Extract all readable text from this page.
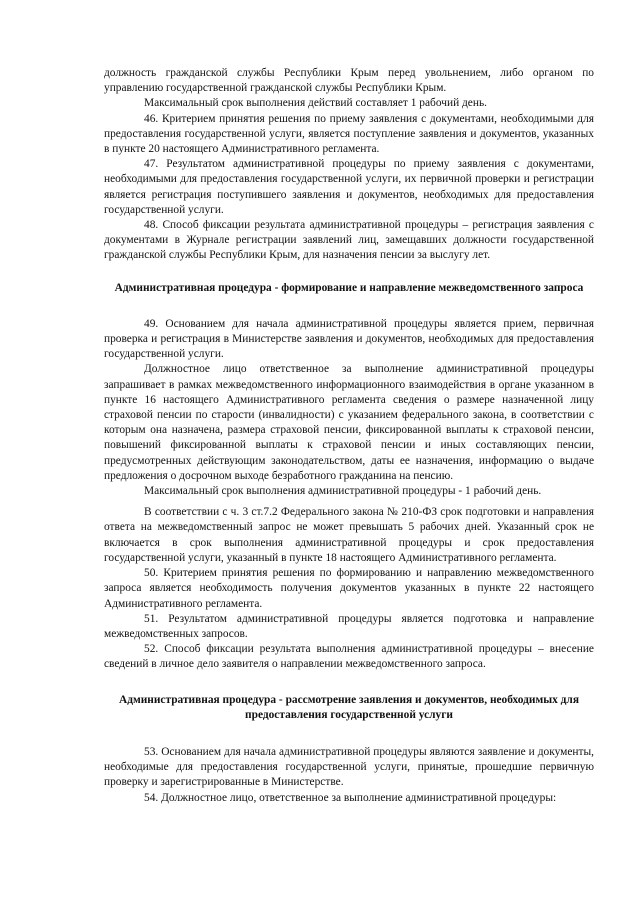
должность гражданской службы Республики Крым перед увольнением, либо органом по управлению государственной гражданской службы Республики Крым.

Максимальный срок выполнения действий составляет 1 рабочий день.

46. Критерием принятия решения по приему заявления с документами, необходимыми для предоставления государственной услуги, является поступление заявления и документов, указанных в пункте 20 настоящего Административного регламента.

47. Результатом административной процедуры по приему заявления с документами, необходимыми для предоставления государственной услуги, их первичной проверки и регистрации является регистрация поступившего заявления и документов, необходимых для предоставления государственной услуги.

48. Способ фиксации результата административной процедуры – регистрация заявления с документами в Журнале регистрации заявлений лиц, замещавших должности государственной гражданской службы Республики Крым, для назначения пенсии за выслугу лет.

Административная процедура - формирование и направление межведомственного запроса

49. Основанием для начала административной процедуры является прием, первичная проверка и регистрация в Министерстве заявления и документов, необходимых для предоставления государственной услуги.

Должностное лицо ответственное за выполнение административной процедуры запрашивает в рамках межведомственного информационного взаимодействия в органе указанном в пункте 16 настоящего Административного регламента сведения о размере назначенной лицу страховой пенсии по старости (инвалидности) с указанием федерального закона, в соответствии с которым она назначена, размера страховой пенсии, фиксированной выплаты к страховой пенсии, повышений фиксированной выплаты к страховой пенсии и иных составляющих пенсии, предусмотренных действующим законодательством, даты ее назначения, информацию о выдаче предложения о досрочном выходе безработного гражданина на пенсию.

Максимальный срок выполнения административной процедуры - 1 рабочий день.

В соответствии с ч. 3 ст.7.2 Федерального закона № 210-ФЗ срок подготовки и направления ответа на межведомственный запрос не может превышать 5 рабочих дней. Указанный срок не включается в срок выполнения административной процедуры и срок предоставления государственной услуги, указанный в пункте 18 настоящего Административного регламента.

50. Критерием принятия решения по формированию и направлению межведомственного запроса является необходимость получения документов указанных в пункте 22 настоящего Административного регламента.

51. Результатом административной процедуры является подготовка и направление межведомственных запросов.

52. Способ фиксации результата выполнения административной процедуры – внесение сведений в личное дело заявителя о направлении межведомственного запроса.

Административная процедура - рассмотрение заявления и документов, необходимых для предоставления государственной услуги

53. Основанием для начала административной процедуры являются заявление и документы, необходимые для предоставления государственной услуги, принятые, прошедшие первичную проверку и зарегистрированные в Министерстве.

54. Должностное лицо, ответственное за выполнение административной процедуры:
